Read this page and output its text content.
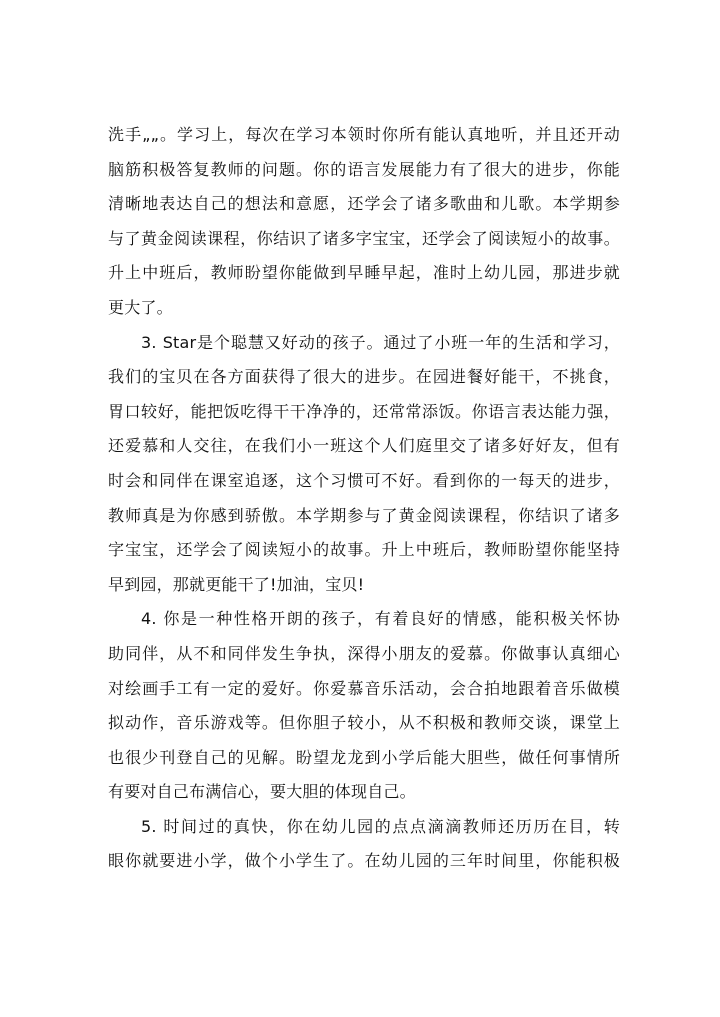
洗手„„。学习上，每次在学习本领时你所有能认真地听，并且还开动
脑筋积极答复教师的问题。你的语言发展能力有了很大的进步，你能
清晰地表达自己的想法和意愿，还学会了诸多歌曲和儿歌。本学期参
与了黄金阅读课程，你结识了诸多字宝宝，还学会了阅读短小的故事。
升上中班后，教师盼望你能做到早睡早起，准时上幼儿园，那进步就
更大了。
3. Star是个聪慧又好动的孩子。通过了小班一年的生活和学习，
我们的宝贝在各方面获得了很大的进步。在园进餐好能干，不挑食，
胃口较好，能把饭吃得干干净净的，还常常添饭。你语言表达能力强，
还爱慕和人交往，在我们小一班这个人们庭里交了诸多好好友，但有
时会和同伴在课室追逐，这个习惯可不好。看到你的一每天的进步，
教师真是为你感到骄傲。本学期参与了黄金阅读课程，你结识了诸多
字宝宝，还学会了阅读短小的故事。升上中班后，教师盼望你能坚持
早到园，那就更能干了!加油，宝贝!
4. 你是一种性格开朗的孩子，有着良好的情感，能积极关怀协
助同伴，从不和同伴发生争执，深得小朋友的爱慕。你做事认真细心
对绘画手工有一定的爱好。你爱慕音乐活动，会合拍地跟着音乐做模
拟动作，音乐游戏等。但你胆子较小，从不积极和教师交谈，课堂上
也很少刊登自己的见解。盼望龙龙到小学后能大胆些，做任何事情所
有要对自己布满信心，要大胆的体现自己。
5. 时间过的真快，你在幼儿园的点点滴滴教师还历历在目，转
眼你就要进小学，做个小学生了。在幼儿园的三年时间里，你能积极
